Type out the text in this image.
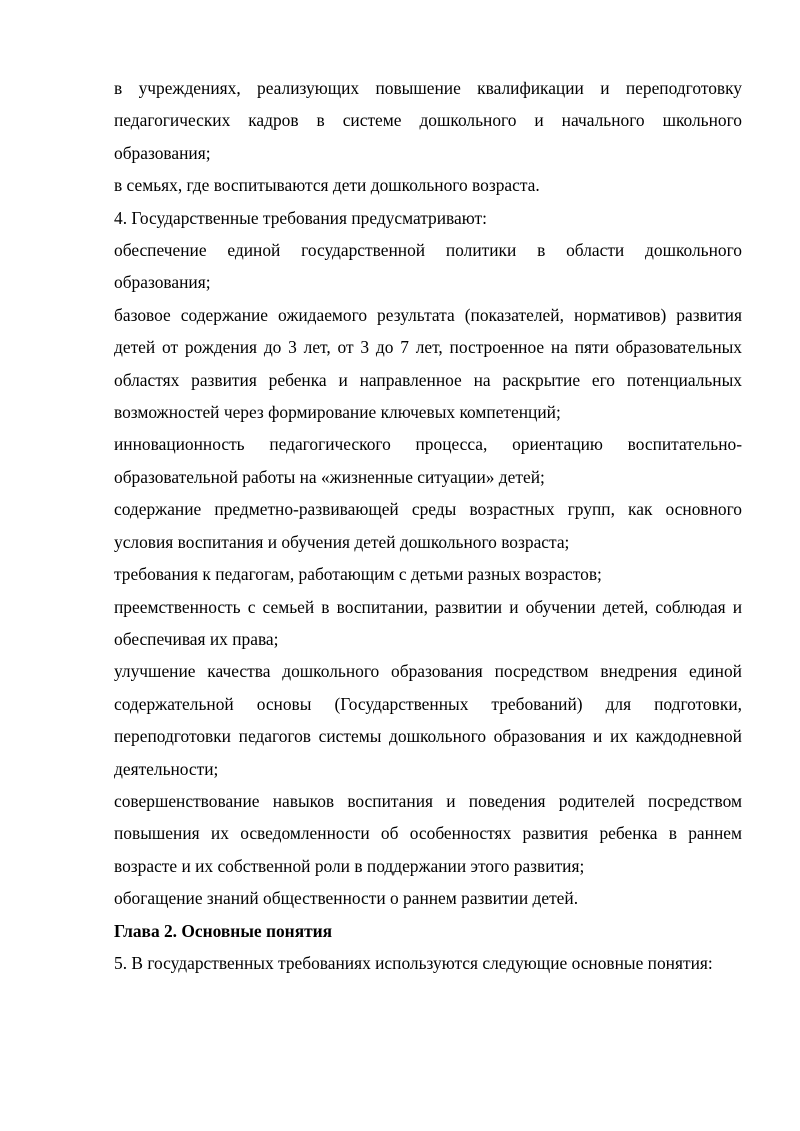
в учреждениях, реализующих повышение квалификации и переподготовку педагогических кадров в системе дошкольного и начального школьного образования;

в семьях, где воспитываются дети дошкольного возраста.

4. Государственные требования предусматривают:

обеспечение единой государственной политики в области дошкольного образования;

базовое содержание ожидаемого результата (показателей, нормативов) развития детей от рождения до 3 лет, от 3 до 7 лет, построенное на пяти образовательных областях развития ребенка и направленное на раскрытие его потенциальных возможностей через формирование ключевых компетенций;

инновационность педагогического процесса, ориентацию воспитательно-образовательной работы на «жизненные ситуации» детей;

содержание предметно-развивающей среды возрастных групп, как основного условия воспитания и обучения детей дошкольного возраста;

требования к педагогам, работающим с детьми разных возрастов;

преемственность с семьей в воспитании, развитии и обучении детей, соблюдая и обеспечивая их права;

улучшение качества дошкольного образования посредством внедрения единой содержательной основы (Государственных требований) для подготовки, переподготовки педагогов системы дошкольного образования и их каждодневной деятельности;

совершенствование навыков воспитания и поведения родителей посредством повышения их осведомленности об особенностях развития ребенка в раннем возрасте и их собственной роли в поддержании этого развития;

обогащение знаний общественности о раннем развитии детей.

Глава 2. Основные понятия

5. В государственных требованиях используются следующие основные понятия:
